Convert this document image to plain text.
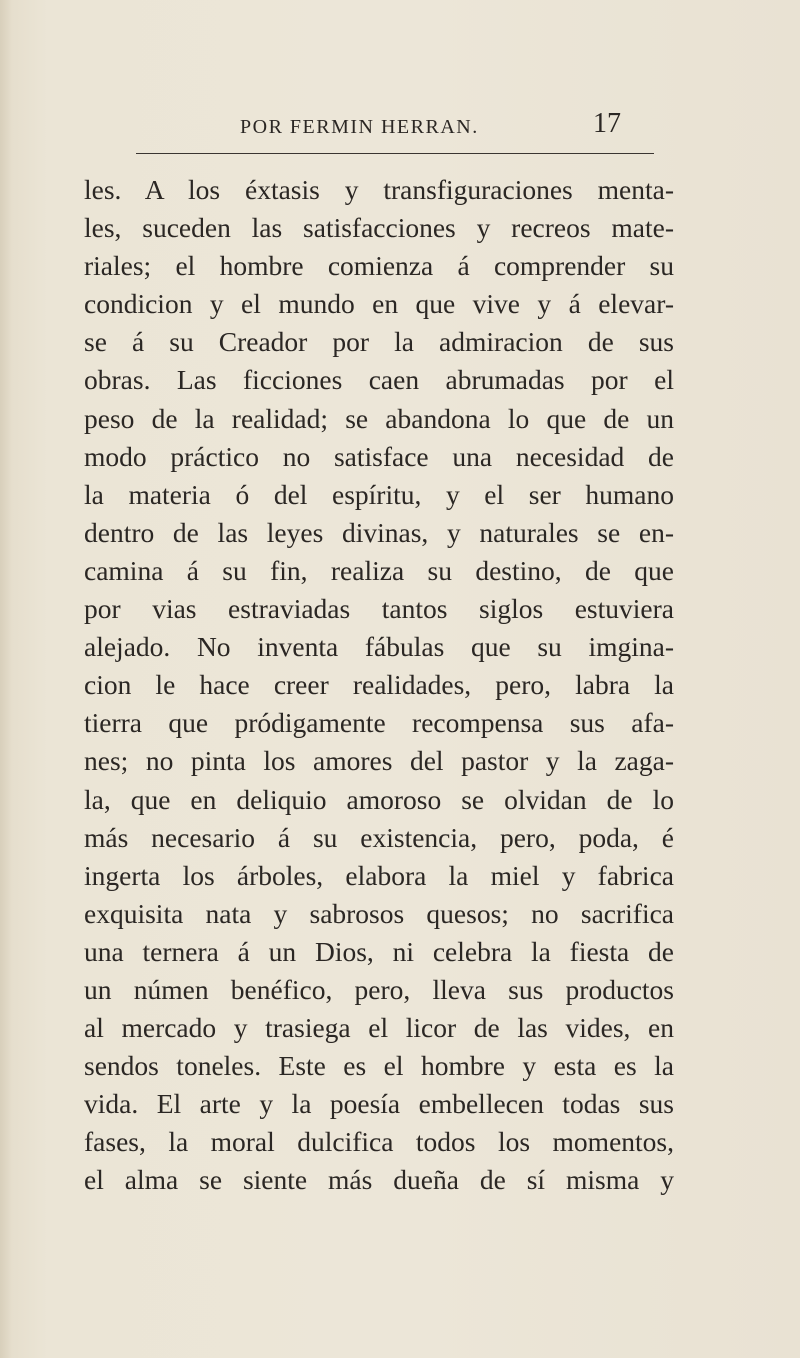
POR FERMIN HERRAN.	17
les. A los éxtasis y transfiguraciones menta-
les, suceden las satisfacciones y recreos mate-
riales; el hombre comienza á comprender su
condicion y el mundo en que vive y á elevar-
se á su Creador por la admiracion de sus
obras. Las ficciones caen abrumadas por el
peso de la realidad; se abandona lo que de un
modo práctico no satisface una necesidad de
la materia ó del espíritu, y el ser humano
dentro de las leyes divinas, y naturales se en-
camina á su fin, realiza su destino, de que
por vias estraviadas tantos siglos estuviera
alejado. No inventa fábulas que su imgina-
cion le hace creer realidades, pero, labra la
tierra que pródigamente recompensa sus afa-
nes; no pinta los amores del pastor y la zaga-
la, que en deliquio amoroso se olvidan de lo
más necesario á su existencia, pero, poda, é
ingerta los árboles, elabora la miel y fabrica
exquisita nata y sabrosos quesos; no sacrifica
una ternera á un Dios, ni celebra la fiesta de
un númen benéfico, pero, lleva sus productos
al mercado y trasiega el licor de las vides, en
sendos toneles. Este es el hombre y esta es la
vida. El arte y la poesía embellecen todas sus
fases, la moral dulcifica todos los momentos,
el alma se siente más dueña de sí misma y
